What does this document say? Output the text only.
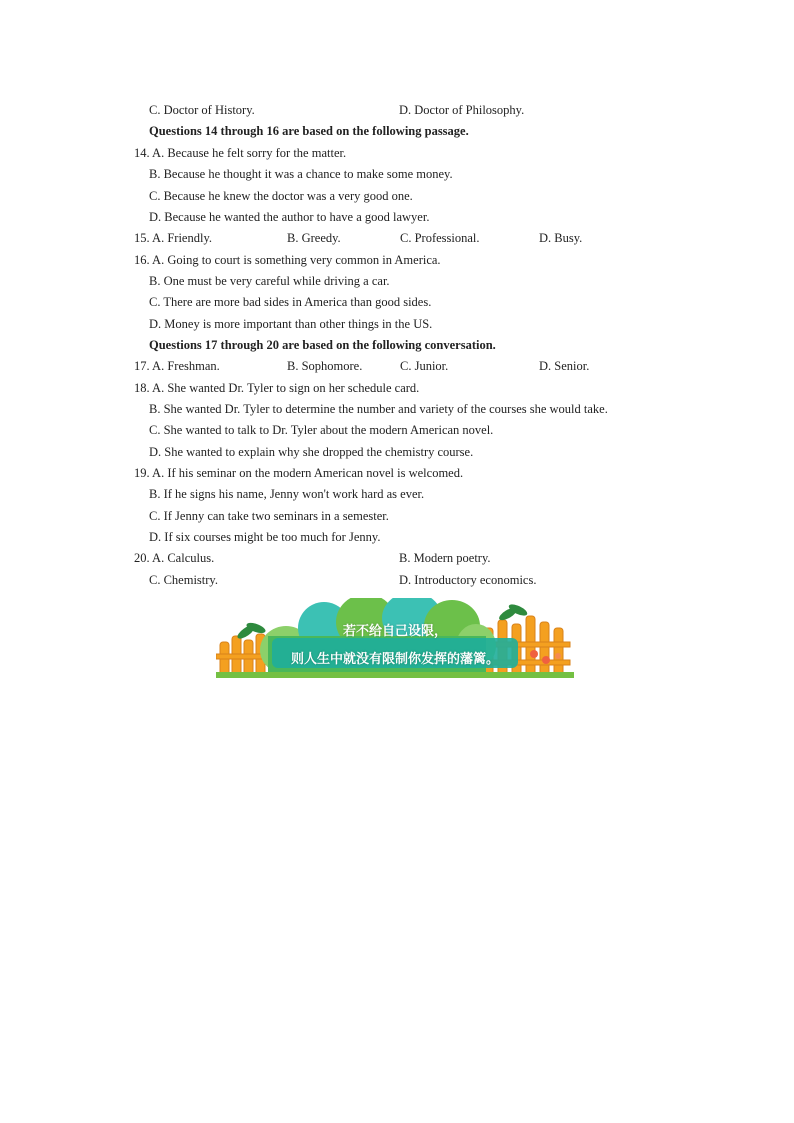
C. Doctor of History.	D. Doctor of Philosophy.
Questions 14 through 16 are based on the following passage.
14. A. Because he felt sorry for the matter.
B. Because he thought it was a chance to make some money.
C. Because he knew the doctor was a very good one.
D. Because he wanted the author to have a good lawyer.
15. A. Friendly.	B. Greedy.	C. Professional.	D. Busy.
16. A. Going to court is something very common in America.
B. One must be very careful while driving a car.
C. There are more bad sides in America than good sides.
D. Money is more important than other things in the US.
Questions 17 through 20 are based on the following conversation.
17. A. Freshman.	B. Sophomore.	C. Junior.	D. Senior.
18. A. She wanted Dr. Tyler to sign on her schedule card.
B. She wanted Dr. Tyler to determine the number and variety of the courses she would take.
C. She wanted to talk to Dr. Tyler about the modern American novel.
D. She wanted to explain why she dropped the chemistry course.
19. A. If his seminar on the modern American novel is welcomed.
B. If he signs his name, Jenny won't work hard as ever.
C. If Jenny can take two seminars in a semester.
D. If six courses might be too much for Jenny.
20. A. Calculus.	B. Modern poetry.
C. Chemistry.	D. Introductory economics.
若不给自己设限，
则人生中就没有限制你发挥的藩篱。
